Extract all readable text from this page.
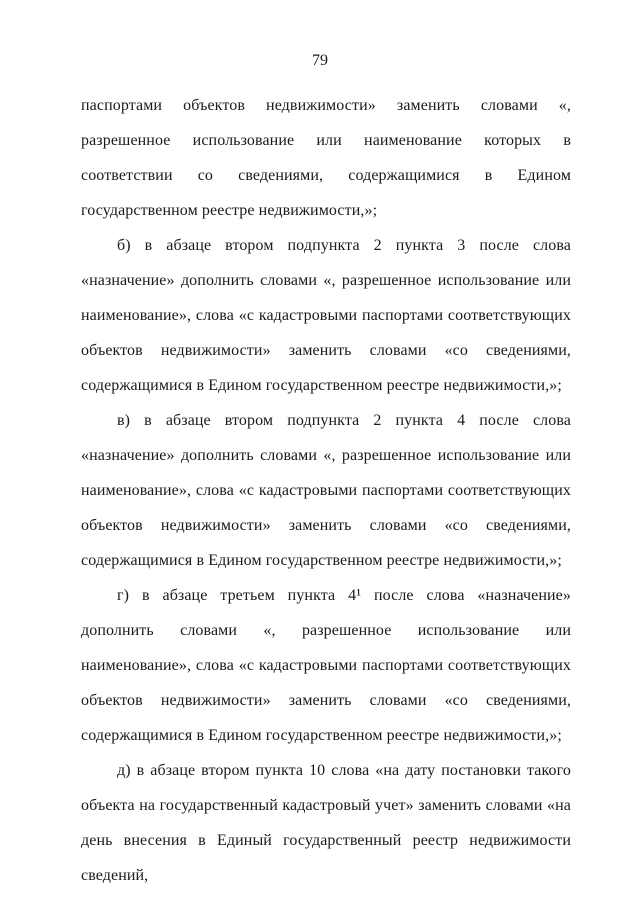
79

паспортами объектов недвижимости» заменить словами «, разрешенное использование или наименование которых в соответствии со сведениями, содержащимися в Едином государственном реестре недвижимости,»;

б) в абзаце втором подпункта 2 пункта 3 после слова «назначение» дополнить словами «, разрешенное использование или наименование», слова «с кадастровыми паспортами соответствующих объектов недвижимости» заменить словами «со сведениями, содержащимися в Едином государственном реестре недвижимости,»;

в) в абзаце втором подпункта 2 пункта 4 после слова «назначение» дополнить словами «, разрешенное использование или наименование», слова «с кадастровыми паспортами соответствующих объектов недвижимости» заменить словами «со сведениями, содержащимися в Едином государственном реестре недвижимости,»;

г) в абзаце третьем пункта 4¹ после слова «назначение» дополнить словами «, разрешенное использование или наименование», слова «с кадастровыми паспортами соответствующих объектов недвижимости» заменить словами «со сведениями, содержащимися в Едином государственном реестре недвижимости,»;

д) в абзаце втором пункта 10 слова «на дату постановки такого объекта на государственный кадастровый учет» заменить словами «на день внесения в Единый государственный реестр недвижимости сведений,
